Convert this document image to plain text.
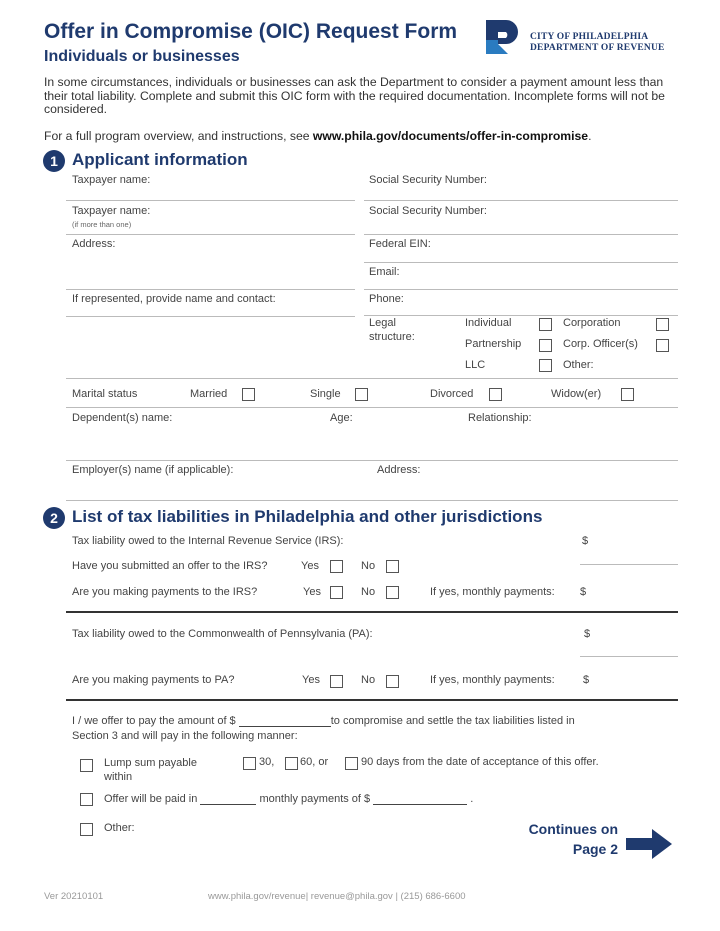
Offer in Compromise (OIC) Request Form
Individuals or businesses
CITY OF PHILADELPHIA
DEPARTMENT OF REVENUE
In some circumstances, individuals or businesses can ask the Department to consider a payment amount less than their total liability. Complete and submit this OIC form with the required documentation. Incomplete forms will not be considered.
For a full program overview, and instructions, see www.phila.gov/documents/offer-in-compromise.
1 Applicant information
Taxpayer name:	Social Security Number:
Taxpayer name:
(if more than one)
Social Security Number:
Address:	Federal EIN:
Email:
If represented, provide name and contact:	Phone:
Legal
structure:
Individual	Corporation
Partnership	Corp. Officer(s)
LLC	Other:
Marital status	Married	Single	Divorced	Widow(er)
Dependent(s) name:	Age:	Relationship:
Employer(s) name (if applicable):	Address:
2 List of tax liabilities in Philadelphia and other jurisdictions
Tax liability owed to the Internal Revenue Service (IRS):	$
Have you submitted an offer to the IRS?	Yes	No
Are you making payments to the IRS?	Yes	No	If yes, monthly payments: $
Tax liability owed to the Commonwealth of Pennsylvania (PA):	$
Are you making payments to PA?	Yes	No	If yes, monthly payments:	$
I / we offer to pay the amount of $	to compromise and settle the tax liabilities listed in
Section 3 and will pay in the following manner:
Lump sum payable
within
30, 60, or	90 days from the date of acceptance of this offer.
Offer will be paid in	monthly payments of $	.
Other:	Continues on
Page 2
Ver 20210101	www.phila.gov/revenue| revenue@phila.gov | (215) 686-6600
